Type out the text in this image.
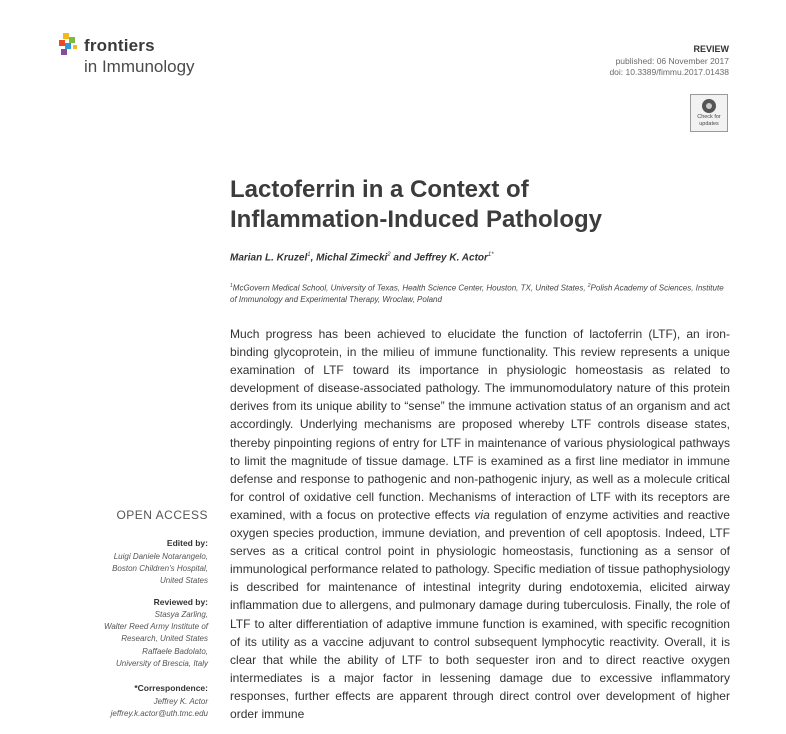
frontiers
in Immunology
REVIEW
published: 06 November 2017
doi: 10.3389/fimmu.2017.01438
Check for
updates
Lactoferrin in a Context of
Inflammation-Induced Pathology
Marian L. Kruzel$^1$, Michal Zimecki$^2$ and Jeffrey K. Actor$^{1*}$
$^1$McGovern Medical School, University of Texas, Health Science Center, Houston, TX, United States, $^2$Polish Academy of Sciences, Institute of Immunology and Experimental Therapy, Wroclaw, Poland

Much progress has been achieved to elucidate the function of lactoferrin (LTF), an iron-binding glycoprotein, in the milieu of immune functionality. This review represents a unique examination of LTF toward its importance in physiologic homeostasis as related to development of disease-associated pathology. The immunomodulatory nature of this protein derives from its unique ability to “sense” the immune activation status of an organism and act accordingly. Underlying mechanisms are proposed whereby LTF controls disease states, thereby pinpointing regions of entry for LTF in maintenance of various physiological pathways to limit the magnitude of tissue damage. LTF is examined as a first line mediator in immune defense and response to pathogenic and non-pathogenic injury, as well as a molecule critical for control of oxidative cell function. Mechanisms of interaction of LTF with its receptors are examined, with a focus on protective effects via regulation of enzyme activities and reactive oxygen species production, immune deviation, and prevention of cell apoptosis. Indeed, LTF serves as a critical control point in physiologic homeostasis, functioning as a sensor of immunological performance related to pathology. Specific mediation of tissue pathophysiology is described for maintenance of intestinal integrity during endotoxemia, elicited airway inflammation due to allergens, and pulmonary damage during tuberculosis. Finally, the role of LTF to alter differentiation of adaptive immune function is examined, with specific recognition of its utility as a vaccine adjuvant to control subsequent lymphocytic reactivity. Overall, it is clear that while the ability of LTF to both sequester iron and to direct reactive oxygen intermediates is a major factor in lessening damage due to excessive inflammatory responses, further effects are apparent through direct control over development of higher order immune

OPEN ACCESS
Edited by:
Luigi Daniele Notarangelo,
Boston Children’s Hospital,
United States
Reviewed by:
Stasya Zarling,
Walter Reed Army Institute of
Research, United States
Raffaele Badolato,
University of Brescia, Italy
*Correspondence:
Jeffrey K. Actor
jeffrey.k.actor@uth.tmc.edu
